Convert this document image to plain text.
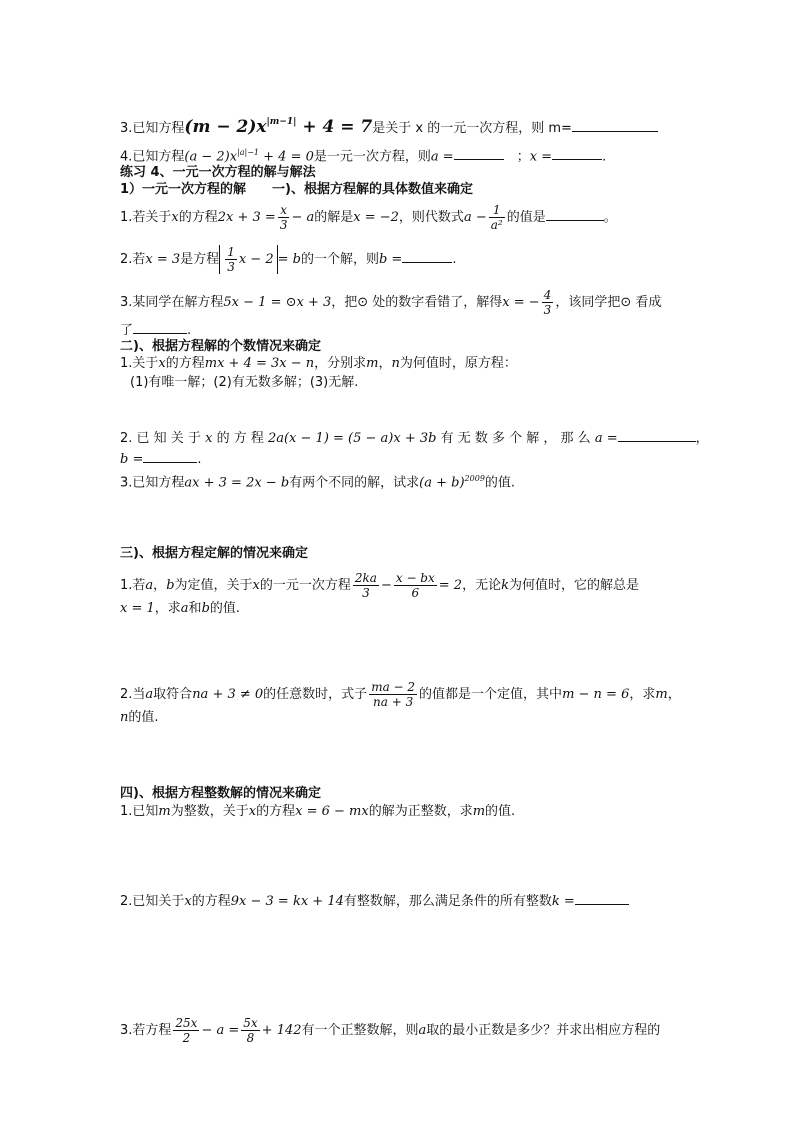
3.已知方程$(m - 2)x^{|m-1|} + 4 = 7$是关于 x 的一元一次方程，则 m=
4.已知方程$(a - 2)x^{|a|-1} + 4 = 0$是一元一次方程，则a =　	；x =	.
练习 4、一元一次方程的解与解法
1）一元一次方程的解　　一)、根据方程解的具体数值来确定
1.若关于x的方程$2x + 3 = \frac{x}{3} - a$的解是x = −2，则代数式$a - \frac{1}{\text{a²}}$ 的值是	。
2.若x = 3是方程 $\frac{1}{3}$ x − 2 = b的一个解，则b =	.
3.某同学在解方程5x − 1 = ⊙x + 3，把⊙ 处的数字看错了，解得x = − $\frac{4}{3}$ ，该同学把⊙ 看成
了	.
二)、根据方程解的个数情况来确定
1.关于x的方程mx + 4 = 3x − n，分别求m，n为何值时，原方程：
(1)有唯一解；(2)有无数多解；(3)无解.
2. 已 知 关 于 x 的 方 程 2a(x − 1) = (5 − a)x + 3b 有 无 数 多 个 解 ， 那 么 a =	，
b =	.
3.已知方程ax + 3 = 2x − b有两个不同的解，试求$(a + b)^{2009}$的值.
三)、根据方程定解的情况来确定
1.若a，b为定值，关于x的一元一次方程 $\frac{2ka}{3} - \frac{x - bx}{6} = 2$，无论k为何值时，它的解总是
x = 1，求a和b的值.
2.当a取符合na + 3 ≠ 0的任意数时，式子 $\frac{ma - 2}{na + 3}$ 的值都是一个定值，其中m − n = 6，求m，
n的值.
四)、根据方程整数解的情况来确定
1.已知m为整数，关于x的方程x = 6 − mx的解为正整数，求m的值.
2.已知关于x的方程9x − 3 = kx + 14有整数解，那么满足条件的所有整数k =
3.若方程 $\frac{25x}{2} - a = \frac{5x}{8} + 142$有一个正整数解，则a取的最小正数是多少？并求出相应方程的
